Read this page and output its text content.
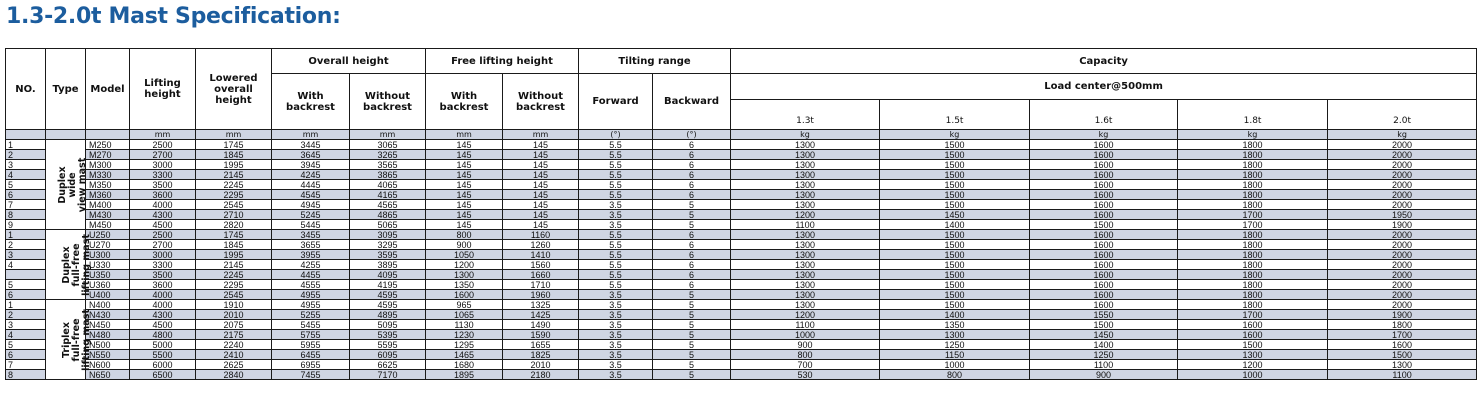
1.3-2.0t Mast Specification:
NO.	Type	Model	Lifting height	Lowered overall height	Overall height		Free lifting height		Tilting range		Capacity				
					With backrest	Without backrest	With backrest	Without backrest	Forward	Backward	Load center@500mm				
											1.3t	1.5t	1.6t	1.8t	2.0t
			mm	mm	mm	mm	mm	mm	(°)	(°)	kg	kg	kg	kg	kg
1	Duplex wide view mast	M250	2500	1745	3445	3065	145	145	5.5	6	1300	1500	1600	1800	2000
2		M270	2700	1845	3645	3265	145	145	5.5	6	1300	1500	1600	1800	2000
3		M300	3000	1995	3945	3565	145	145	5.5	6	1300	1500	1600	1800	2000
4		M330	3300	2145	4245	3865	145	145	5.5	6	1300	1500	1600	1800	2000
5		M350	3500	2245	4445	4065	145	145	5.5	6	1300	1500	1600	1800	2000
6		M360	3600	2295	4545	4165	145	145	5.5	6	1300	1500	1600	1800	2000
7		M400	4000	2545	4945	4565	145	145	3.5	5	1300	1500	1600	1800	2000
8		M430	4300	2710	5245	4865	145	145	3.5	5	1200	1450	1600	1700	1950
9		M450	4500	2820	5445	5065	145	145	3.5	5	1100	1400	1500	1700	1900
1	Duplex full-free lifting mast	U250	2500	1745	3455	3095	800	1160	5.5	6	1300	1500	1600	1800	2000
2		U270	2700	1845	3655	3295	900	1260	5.5	6	1300	1500	1600	1800	2000
3		U300	3000	1995	3955	3595	1050	1410	5.5	6	1300	1500	1600	1800	2000
4		U330	3300	2145	4255	3895	1200	1560	5.5	6	1300	1500	1600	1800	2000
		U350	3500	2245	4455	4095	1300	1660	5.5	6	1300	1500	1600	1800	2000
5		U360	3600	2295	4555	4195	1350	1710	5.5	6	1300	1500	1600	1800	2000
6		U400	4000	2545	4955	4595	1600	1960	3.5	5	1300	1500	1600	1800	2000
1	Triplex full-free lifting mast	N400	4000	1910	4955	4595	965	1325	3.5	5	1300	1500	1600	1800	2000
2		N430	4300	2010	5255	4895	1065	1425	3.5	5	1200	1400	1550	1700	1900
3		N450	4500	2075	5455	5095	1130	1490	3.5	5	1100	1350	1500	1600	1800
4		N480	4800	2175	5755	5395	1230	1590	3.5	5	1000	1300	1450	1600	1700
5		N500	5000	2240	5955	5595	1295	1655	3.5	5	900	1250	1400	1500	1600
6		N550	5500	2410	6455	6095	1465	1825	3.5	5	800	1150	1250	1300	1500
7		N600	6000	2625	6955	6625	1680	2010	3.5	5	700	1000	1100	1200	1300
8		N650	6500	2840	7455	7170	1895	2180	3.5	5	530	800	900	1000	1100
